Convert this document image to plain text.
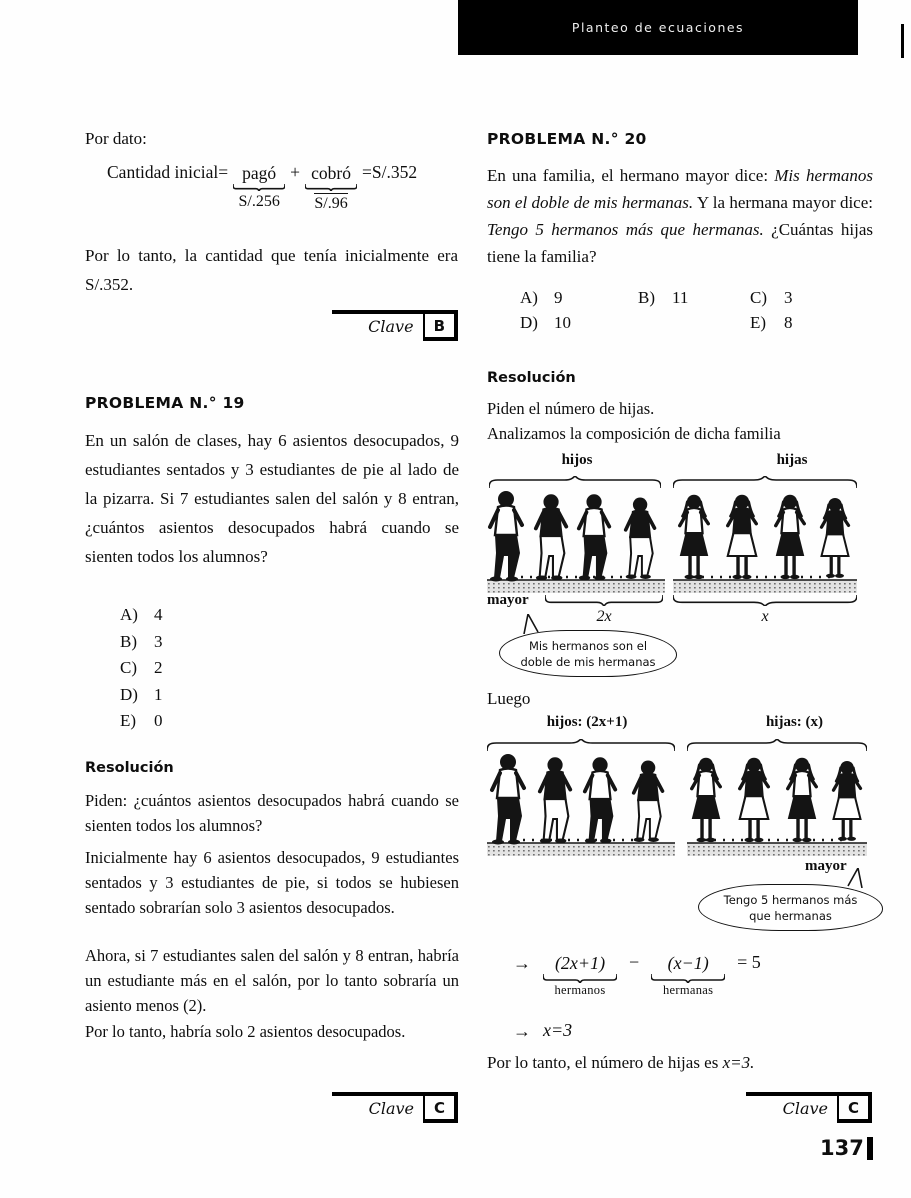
Planteo de ecuaciones
Por dato:
Cantidad inicial= pagó
S/.256
+ cobró
S/.96
=S/.352
Por lo tanto, la cantidad que tenía inicialmente era S/.352.
Clave	B
PROBLEMA N.° 19
En un salón de clases, hay 6 asientos desocupados, 9 estudiantes sentados y 3 estudiantes de pie al lado de la pizarra. Si 7 estudiantes salen del salón y 8 entran, ¿cuántos asientos desocupados habrá cuando se sienten todos los alumnos?
A) 4
B) 3
C) 2
D) 1
E) 0
Resolución
Piden: ¿cuántos asientos desocupados habrá cuando se sienten todos los alumnos?
Inicialmente hay 6 asientos desocupados, 9 estudiantes sentados y 3 estudiantes de pie, si todos se hubiesen sentado sobrarían solo 3 asientos desocupados.
Ahora, si 7 estudiantes salen del salón y 8 entran, habría un estudiante más en el salón, por lo tanto sobraría un asiento menos (2).
Por lo tanto, habría solo 2 asientos desocupados.
Clave	C
PROBLEMA N.° 20
En una familia, el hermano mayor dice: Mis hermanos son el doble de mis hermanas. Y la hermana mayor dice: Tengo 5 hermanos más que hermanas. ¿Cuántas hijas tiene la familia?
A) 9	B) 11	C) 3
D) 10	E) 8
Resolución
Piden el número de hijas.
Analizamos la composición de dicha familia
hijos	hijas
mayor
2x	x
Mis hermanos son el
doble de mis hermanas
Luego
hijos: (2x+1)	hijas: (x)
mayor
Tengo 5 hermanos más
que hermanas
→ (2x+1)
hermanos
− (x−1)
hermanas
= 5
→ x=3
Por lo tanto, el número de hijas es x=3.
Clave	C
137
